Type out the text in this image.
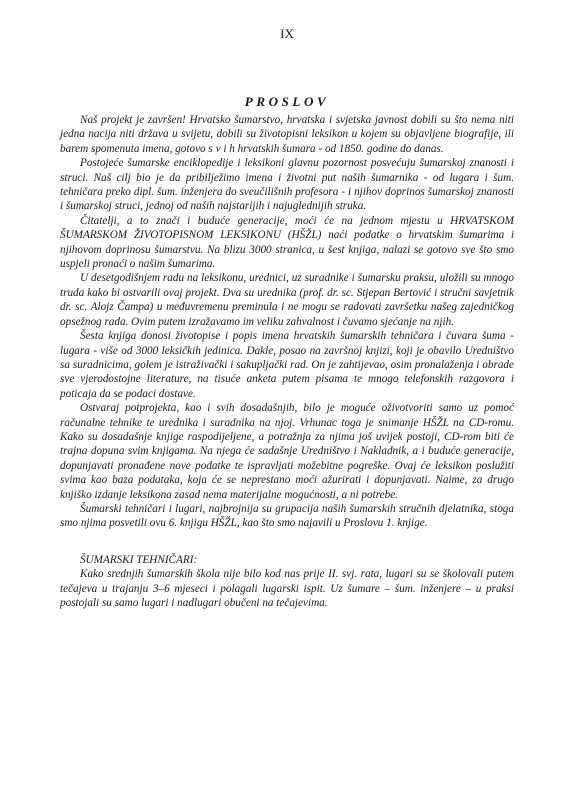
IX
PROSLOV

Naš projekt je završen! Hrvatsko šumarstvo, hrvatska i svjetska javnost dobili su što nema niti jedna nacija niti država u svijetu, dobili su životopisni leksikon u kojem su objavljene biografije, ili barem spomenuta imena, gotovo s v i h hrvatskih šumara - od 1850. godine do danas.

Postojeće šumarske enciklopedije i leksikoni glavnu pozornost posvećuju šumarskoj znanosti i struci. Naš cilj bio je da pribilježimo imena i životni put naših šumarnika - od lugara i šum. tehničara preko dipl. šum. inženjera do sveučilišnih profesora - i njihov doprinos šumarskoj znanosti i šumarskoj struci, jednoj od naših najstarijih i najuglednijih struka.

Čitatelji, a to znači i buduće generacije, moći će na jednom mjestu u HRVATSKOM ŠUMARSKOM ŽIVOTOPISNOM LEKSIKONU (HŠŽL) naći podatke o hrvatskim šumarima i njihovom doprinosu šumarstvu. Na blizu 3000 stranica, u šest knjiga, nalazi se gotovo sve što smo uspjeli pronaći o našim šumarima.

U desetgodišnjem radu na leksikonu, urednici, uz suradnike i šumarsku praksu, uložili su mnogo truda kako bi ostvarili ovaj projekt. Dva su urednika (prof. dr. sc. Stjepan Bertović i stručni savjetnik dr. sc. Alojz Čampa) u međuvremenu preminula i ne mogu se radovati završetku našeg zajedničkog opsežnog rada. Ovim putem izražavamo im veliku zahvalnost i čuvamo sjećanje na njih.

Šesta knjiga donosi životopise i popis imena hrvatskih šumarskih tehničara i čuvara šuma - lugara - više od 3000 leksičkih jedinica. Dakle, posao na završnoj knjizi, koji je obavilo Uredništvo sa suradnicima, golem je istraživački i sakupljački rad. On je zahtijevao, osim pronalaženja i obrade sve vjerodostojne literature, na tisuće anketa putem pisama te mnogo telefonskih razgovora i poticaja da se podaci dostave.

Ostvaraj potprojekta, kao i svih dosadašnjih, bilo je moguće oživotvoriti samo uz pomoć računalne tehnike te urednika i suradnika na njoj. Vrhunac toga je snimanje HŠŽL na CD-romu. Kako su dosadašnje knjige raspodijeljene, a potražnja za njima još uvijek postoji, CD-rom biti će trajna dopuna svim knjigama. Na njega će sadašnje Uredništvo i Nakladnik, a i buduće generacije, dopunjavati pronađene nove podatke te ispravljati možebitne pogreške. Ovaj će leksikon poslužiti svima kao baza podataka, koja će se neprestano moći ažurirati i dopunjavati. Naime, za drugo knjiško izdanje leksikona zasad nema materijalne mogućnosti, a ni potrebe.

Šumarski tehničari i lugari, najbrojnija su grupacija naših šumarskih stručnih djelatnika, stoga smo njima posvetili ovu 6. knjigu HŠŽL, kao što smo najavili u Proslovu 1. knjige.

ŠUMARSKI TEHNIČARI:

Kako srednjih šumarskih škola nije bilo kod nas prije II. svj. rata, lugari su se školovali putem tečajeva u trajanju 3–6 mjeseci i polagali lugarski ispit. Uz šumare – šum. inženjere – u praksi postojali su samo lugari i nadlugari obučeni na tečajevima.
